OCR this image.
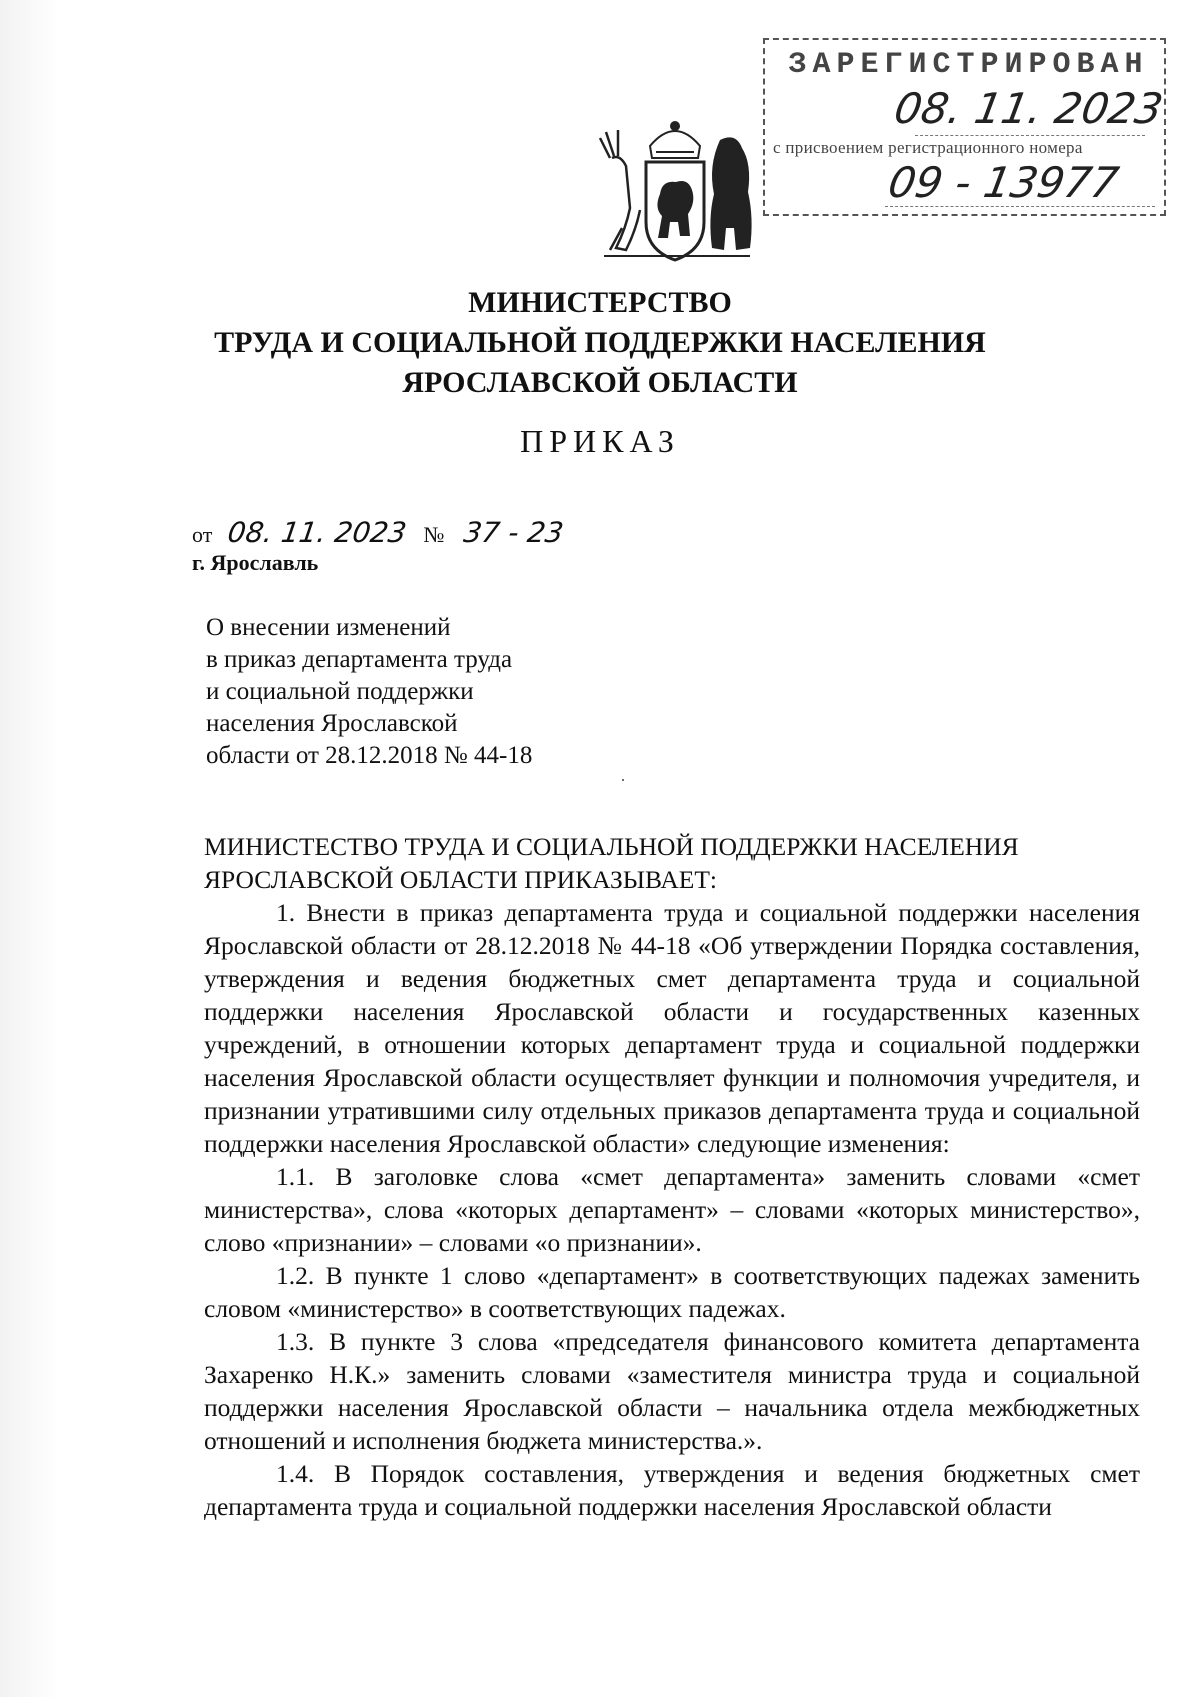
ЗАРЕГИСТРИРОВАН
08. 11. 2023
с присвоением регистрационного номера
09 - 13977
МИНИСТЕРСТВО
ТРУДА И СОЦИАЛЬНОЙ ПОДДЕРЖКИ НАСЕЛЕНИЯ
ЯРОСЛАВСКОЙ ОБЛАСТИ
ПРИКАЗ
от 08. 11. 2023 № 37 - 23
г. Ярославль
О внесении изменений
в приказ департамента труда
и социальной поддержки
населения Ярославской
области от 28.12.2018 № 44-18
·

МИНИСТЕСТВО ТРУДА И СОЦИАЛЬНОЙ ПОДДЕРЖКИ НАСЕЛЕНИЯ ЯРОСЛАВСКОЙ ОБЛАСТИ ПРИКАЗЫВАЕТ:

1. Внести в приказ департамента труда и социальной поддержки населения Ярославской области от 28.12.2018 № 44-18 «Об утверждении Порядка составления, утверждения и ведения бюджетных смет департамента труда и социальной поддержки населения Ярославской области и государственных казенных учреждений, в отношении которых департамент труда и социальной поддержки населения Ярославской области осуществляет функции и полномочия учредителя, и признании утратившими силу отдельных приказов департамента труда и социальной поддержки населения Ярославской области» следующие изменения:

1.1. В заголовке слова «смет департамента» заменить словами «смет министерства», слова «которых департамент» – словами «которых министерство», слово «признании» – словами «о признании».

1.2. В пункте 1 слово «департамент» в соответствующих падежах заменить словом «министерство» в соответствующих падежах.

1.3. В пункте 3 слова «председателя финансового комитета департамента Захаренко Н.К.» заменить словами «заместителя министра труда и социальной поддержки населения Ярославской области – начальника отдела межбюджетных отношений и исполнения бюджета министерства.».

1.4. В Порядок составления, утверждения и ведения бюджетных смет департамента труда и социальной поддержки населения Ярославской области
